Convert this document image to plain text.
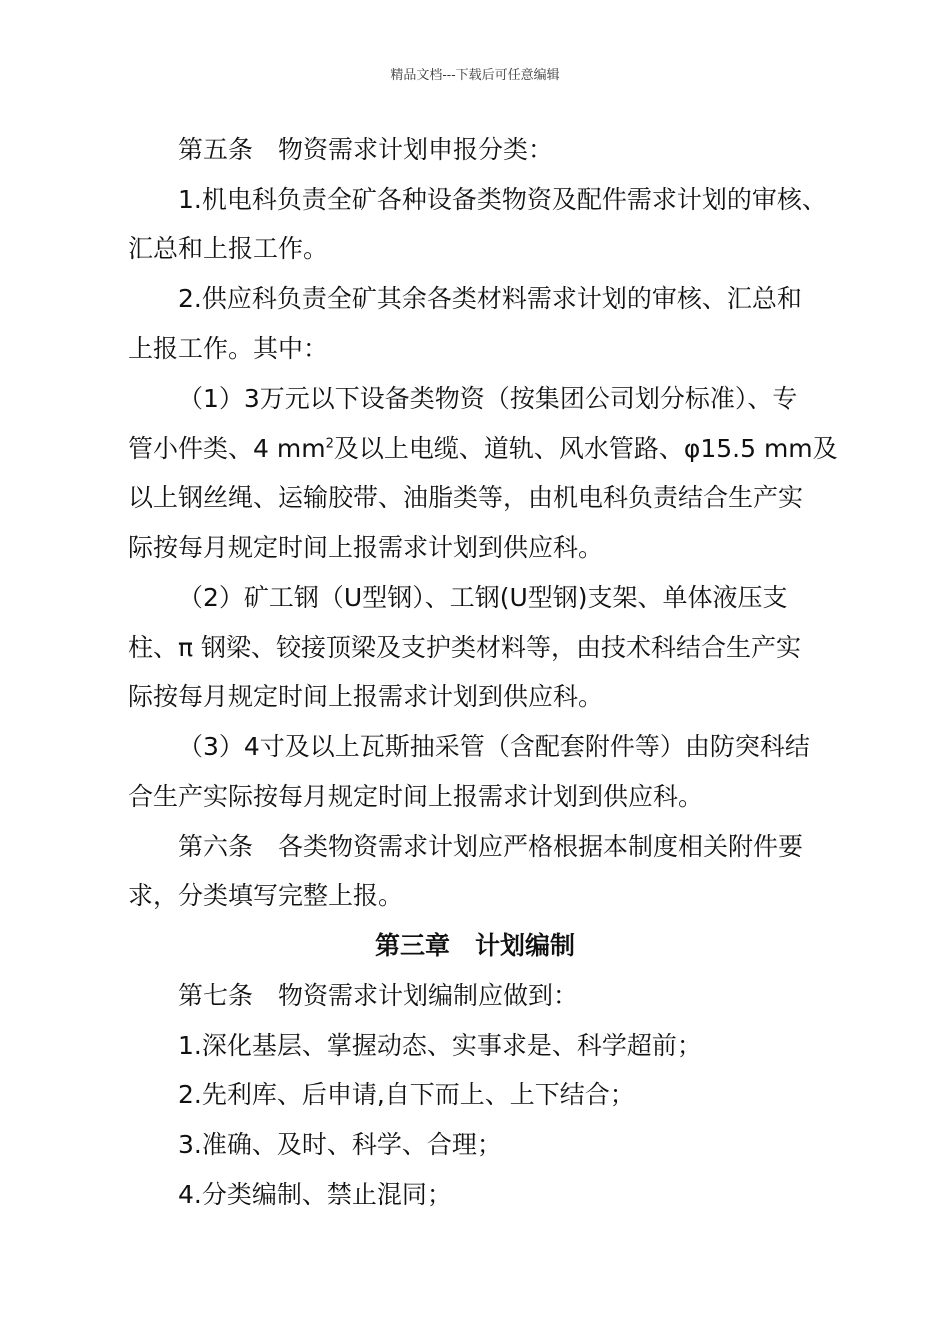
精品文档---下载后可任意编辑
第五条　物资需求计划申报分类：
1.机电科负责全矿各种设备类物资及配件需求计划的审核、
汇总和上报工作。
2.供应科负责全矿其余各类材料需求计划的审核、汇总和
上报工作。其中：
（1）3万元以下设备类物资（按集团公司划分标准）、专
管小件类、4 $mm^2$及以上电缆、道轨、风水管路、φ15.5 mm及
以上钢丝绳、运输胶带、油脂类等，由机电科负责结合生产实
际按每月规定时间上报需求计划到供应科。
（2）矿工钢（U型钢）、工钢(U型钢)支架、单体液压支
柱、π 钢梁、铰接顶梁及支护类材料等，由技术科结合生产实
际按每月规定时间上报需求计划到供应科。
（3）4寸及以上瓦斯抽采管（含配套附件等）由防突科结
合生产实际按每月规定时间上报需求计划到供应科。
第六条　各类物资需求计划应严格根据本制度相关附件要
求，分类填写完整上报。
第三章　计划编制
第七条　物资需求计划编制应做到：
1.深化基层、掌握动态、实事求是、科学超前；
2.先利库、后申请,自下而上、上下结合；
3.准确、及时、科学、合理；
4.分类编制、禁止混同；
